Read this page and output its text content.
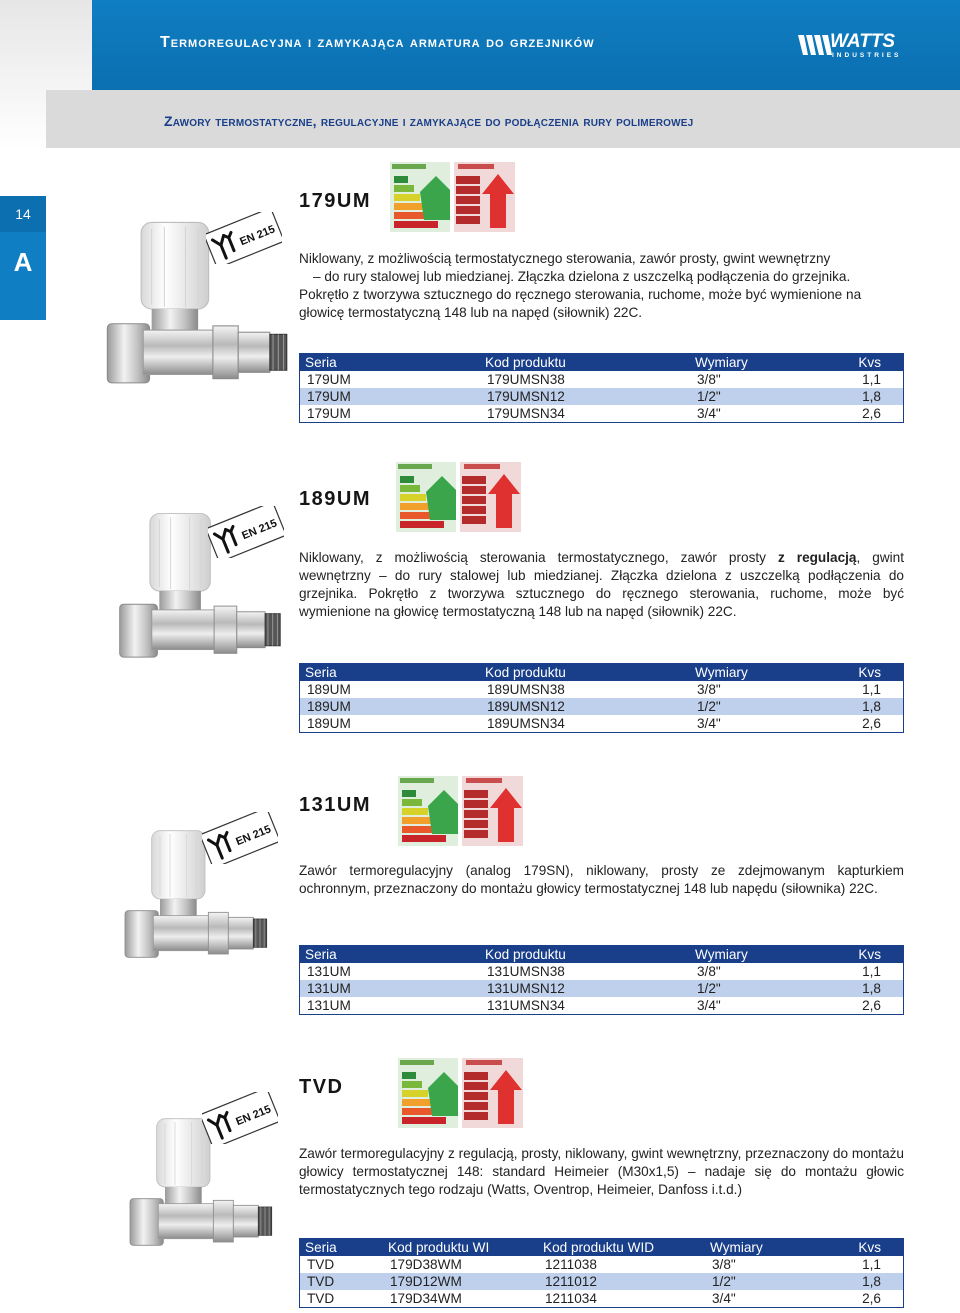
Termoregulacyjna i zamykająca armatura do grzejników	WATTS
INDUSTRIES
Zawory termostatyczne, regulacyjne i zamykające do podłączenia rury polimerowej
14
A
179UM
Niklowany, z możliwością termostatycznego sterowania, zawór prosty, gwint wewnętrzny
– do rury stalowej lub miedzianej. Złączka dzielona z uszczelką podłączenia do grzejnika.
Pokrętło z tworzywa sztucznego do ręcznego sterowania, ruchome, może być wymienione na głowicę termostatyczną 148 lub na napęd (siłownik) 22C.
Seria	Kod produktu	Wymiary	Kvs
179UM	179UMSN38	3/8"	1,1
179UM	179UMSN12	1/2"	1,8
179UM	179UMSN34	3/4"	2,6
189UM
Niklowany, z możliwością sterowania termostatycznego, zawór prosty z regulacją, gwint wewnętrzny – do rury stalowej lub miedzianej. Złączka dzielona z uszczelką podłączenia do grzejnika. Pokrętło z tworzywa sztucznego do ręcznego sterowania, ruchome, może być wymienione na głowicę termostatyczną 148 lub na napęd (siłownik) 22C.
Seria	Kod produktu	Wymiary	Kvs
189UM	189UMSN38	3/8"	1,1
189UM	189UMSN12	1/2"	1,8
189UM	189UMSN34	3/4"	2,6
131UM
Zawór termoregulacyjny (analog 179SN), niklowany, prosty ze zdejmowanym kapturkiem ochronnym, przeznaczony do montażu głowicy termostatycznej 148 lub napędu (siłownika) 22C.
Seria	Kod produktu	Wymiary	Kvs
131UM	131UMSN38	3/8"	1,1
131UM	131UMSN12	1/2"	1,8
131UM	131UMSN34	3/4"	2,6
TVD
Zawór termoregulacyjny z regulacją, prosty, niklowany, gwint wewnętrzny, przeznaczony do montażu głowicy termostatycznej 148: standard Heimeier (M30x1,5) – nadaje się do montażu głowic termostatycznych tego rodzaju (Watts, Oventrop, Heimeier, Danfoss i.t.d.)
Seria	Kod produktu WI	Kod produktu WID	Wymiary	Kvs
TVD	179D38WM	1211038	3/8"	1,1
TVD	179D12WM	1211012	1/2"	1,8
TVD	179D34WM	1211034	3/4"	2,6
